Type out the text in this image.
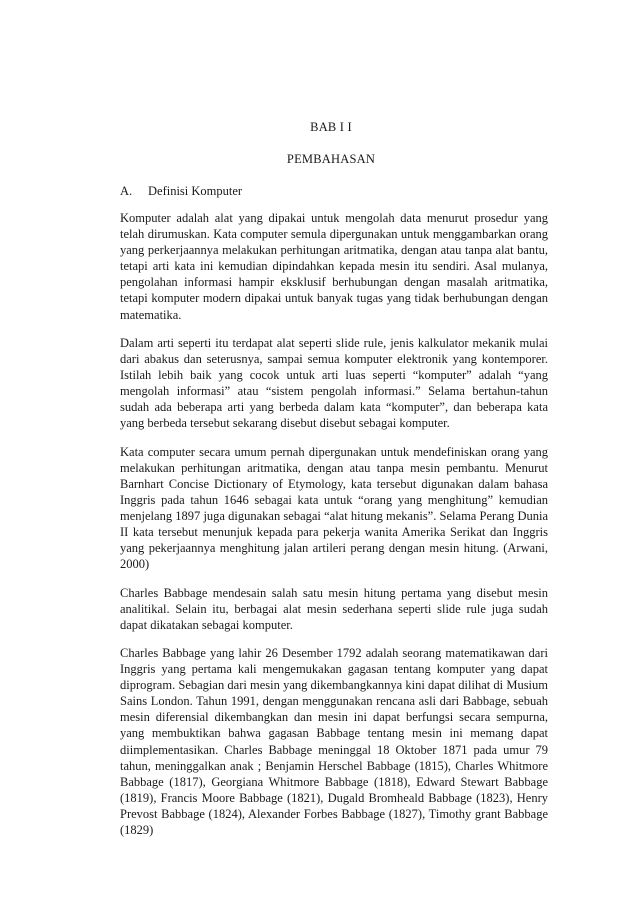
BAB I I
PEMBAHASAN
A. Definisi Komputer

Komputer adalah alat yang dipakai untuk mengolah data menurut prosedur yang telah dirumuskan. Kata computer semula dipergunakan untuk menggambarkan orang yang perkerjaannya melakukan perhitungan aritmatika, dengan atau tanpa alat bantu, tetapi arti kata ini kemudian dipindahkan kepada mesin itu sendiri. Asal mulanya, pengolahan informasi hampir eksklusif berhubungan dengan masalah aritmatika, tetapi komputer modern dipakai untuk banyak tugas yang tidak berhubungan dengan matematika.

Dalam arti seperti itu terdapat alat seperti slide rule, jenis kalkulator mekanik mulai dari abakus dan seterusnya, sampai semua komputer elektronik yang kontemporer. Istilah lebih baik yang cocok untuk arti luas seperti “komputer” adalah “yang mengolah informasi” atau “sistem pengolah informasi.” Selama bertahun-tahun sudah ada beberapa arti yang berbeda dalam kata “komputer”, dan beberapa kata yang berbeda tersebut sekarang disebut disebut sebagai komputer.

Kata computer secara umum pernah dipergunakan untuk mendefiniskan orang yang melakukan perhitungan aritmatika, dengan atau tanpa mesin pembantu. Menurut Barnhart Concise Dictionary of Etymology, kata tersebut digunakan dalam bahasa Inggris pada tahun 1646 sebagai kata untuk “orang yang menghitung” kemudian menjelang 1897 juga digunakan sebagai “alat hitung mekanis”. Selama Perang Dunia II kata tersebut menunjuk kepada para pekerja wanita Amerika Serikat dan Inggris yang pekerjaannya menghitung jalan artileri perang dengan mesin hitung. (Arwani, 2000)

Charles Babbage mendesain salah satu mesin hitung pertama yang disebut mesin analitikal. Selain itu, berbagai alat mesin sederhana seperti slide rule juga sudah dapat dikatakan sebagai komputer.

Charles Babbage yang lahir 26 Desember 1792 adalah seorang matematikawan dari Inggris yang pertama kali mengemukakan gagasan tentang komputer yang dapat diprogram. Sebagian dari mesin yang dikembangkannya kini dapat dilihat di Musium Sains London. Tahun 1991, dengan menggunakan rencana asli dari Babbage, sebuah mesin diferensial dikembangkan dan mesin ini dapat berfungsi secara sempurna, yang membuktikan bahwa gagasan Babbage tentang mesin ini memang dapat diimplementasikan. Charles Babbage meninggal 18 Oktober 1871 pada umur 79 tahun, meninggalkan anak ; Benjamin Herschel Babbage (1815), Charles Whitmore Babbage (1817), Georgiana Whitmore Babbage (1818), Edward Stewart Babbage (1819), Francis Moore Babbage (1821), Dugald Bromheald Babbage (1823), Henry Prevost Babbage (1824), Alexander Forbes Babbage (1827), Timothy grant Babbage (1829)
